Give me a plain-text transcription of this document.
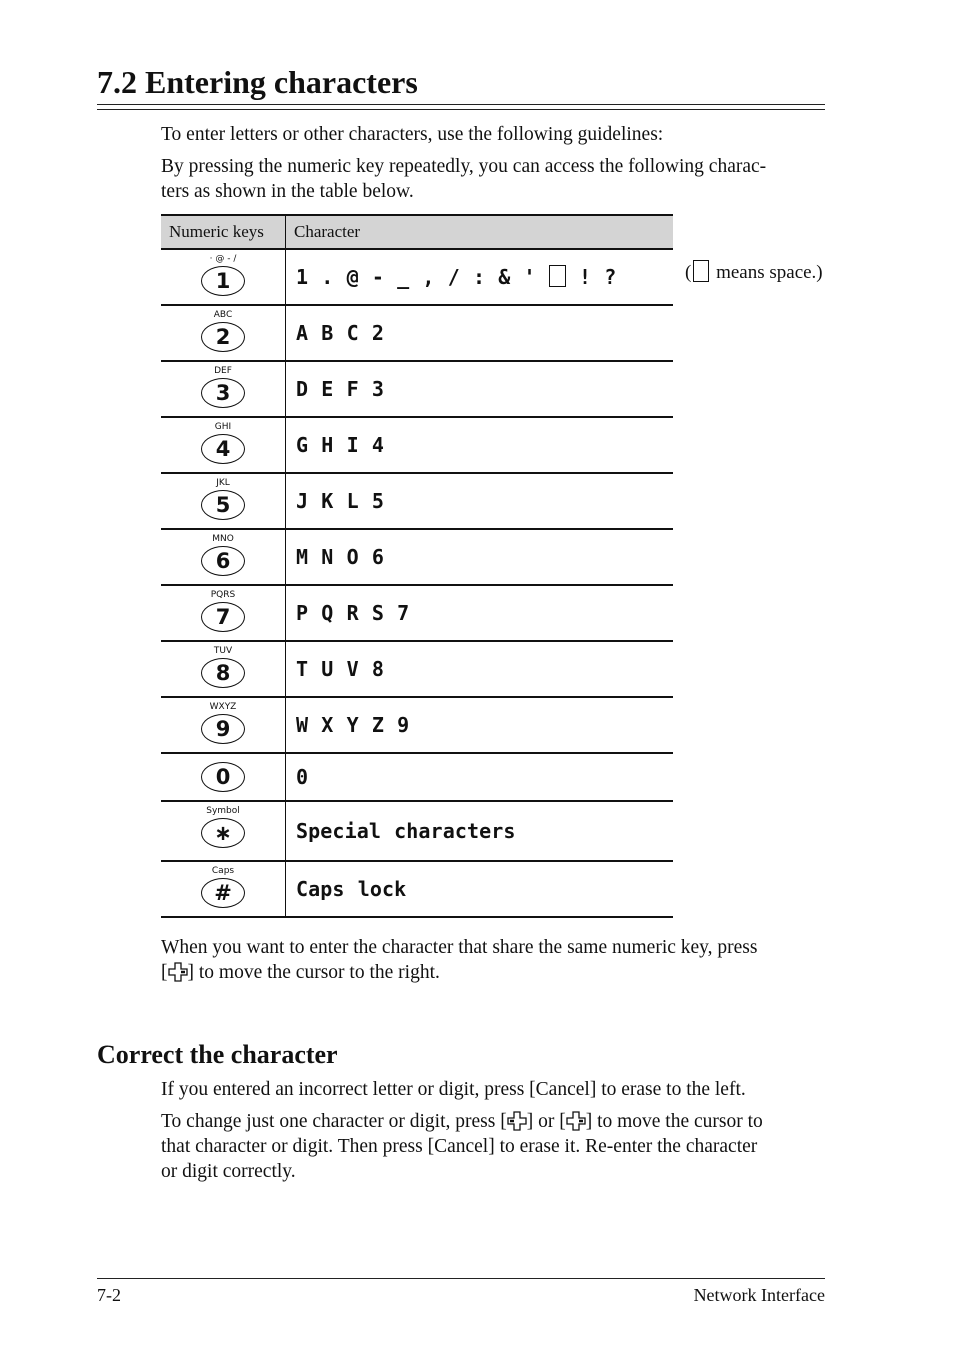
7.2 Entering characters

To enter letters or other characters, use the following guidelines:

By pressing the numeric key repeatedly, you can access the following charac-
ters as shown in the table below.

Numeric keys	Character

· @ - /
1	1 . @ - _ , / : & ' ! ?

ABC
2	A B C 2

DEF
3	D E F 3

GHI
4	G H I 4

JKL
5	J K L 5

MNO
6	M N O 6

PQRS
7	P Q R S 7

TUV
8	T U V 8

WXYZ
9	W X Y Z 9

0	0

Symbol
∗	Special characters

Caps
#	Caps lock
( means space.)

When you want to enter the character that share the same numeric key, press
[ ] to move the cursor to the right.

Correct the character

If you entered an incorrect letter or digit, press [Cancel] to erase to the left.

To change just one character or digit, press [ ] or [ ] to move the cursor to
that character or digit. Then press [Cancel] to erase it. Re-enter the character
or digit correctly.

7-2	Network Interface
